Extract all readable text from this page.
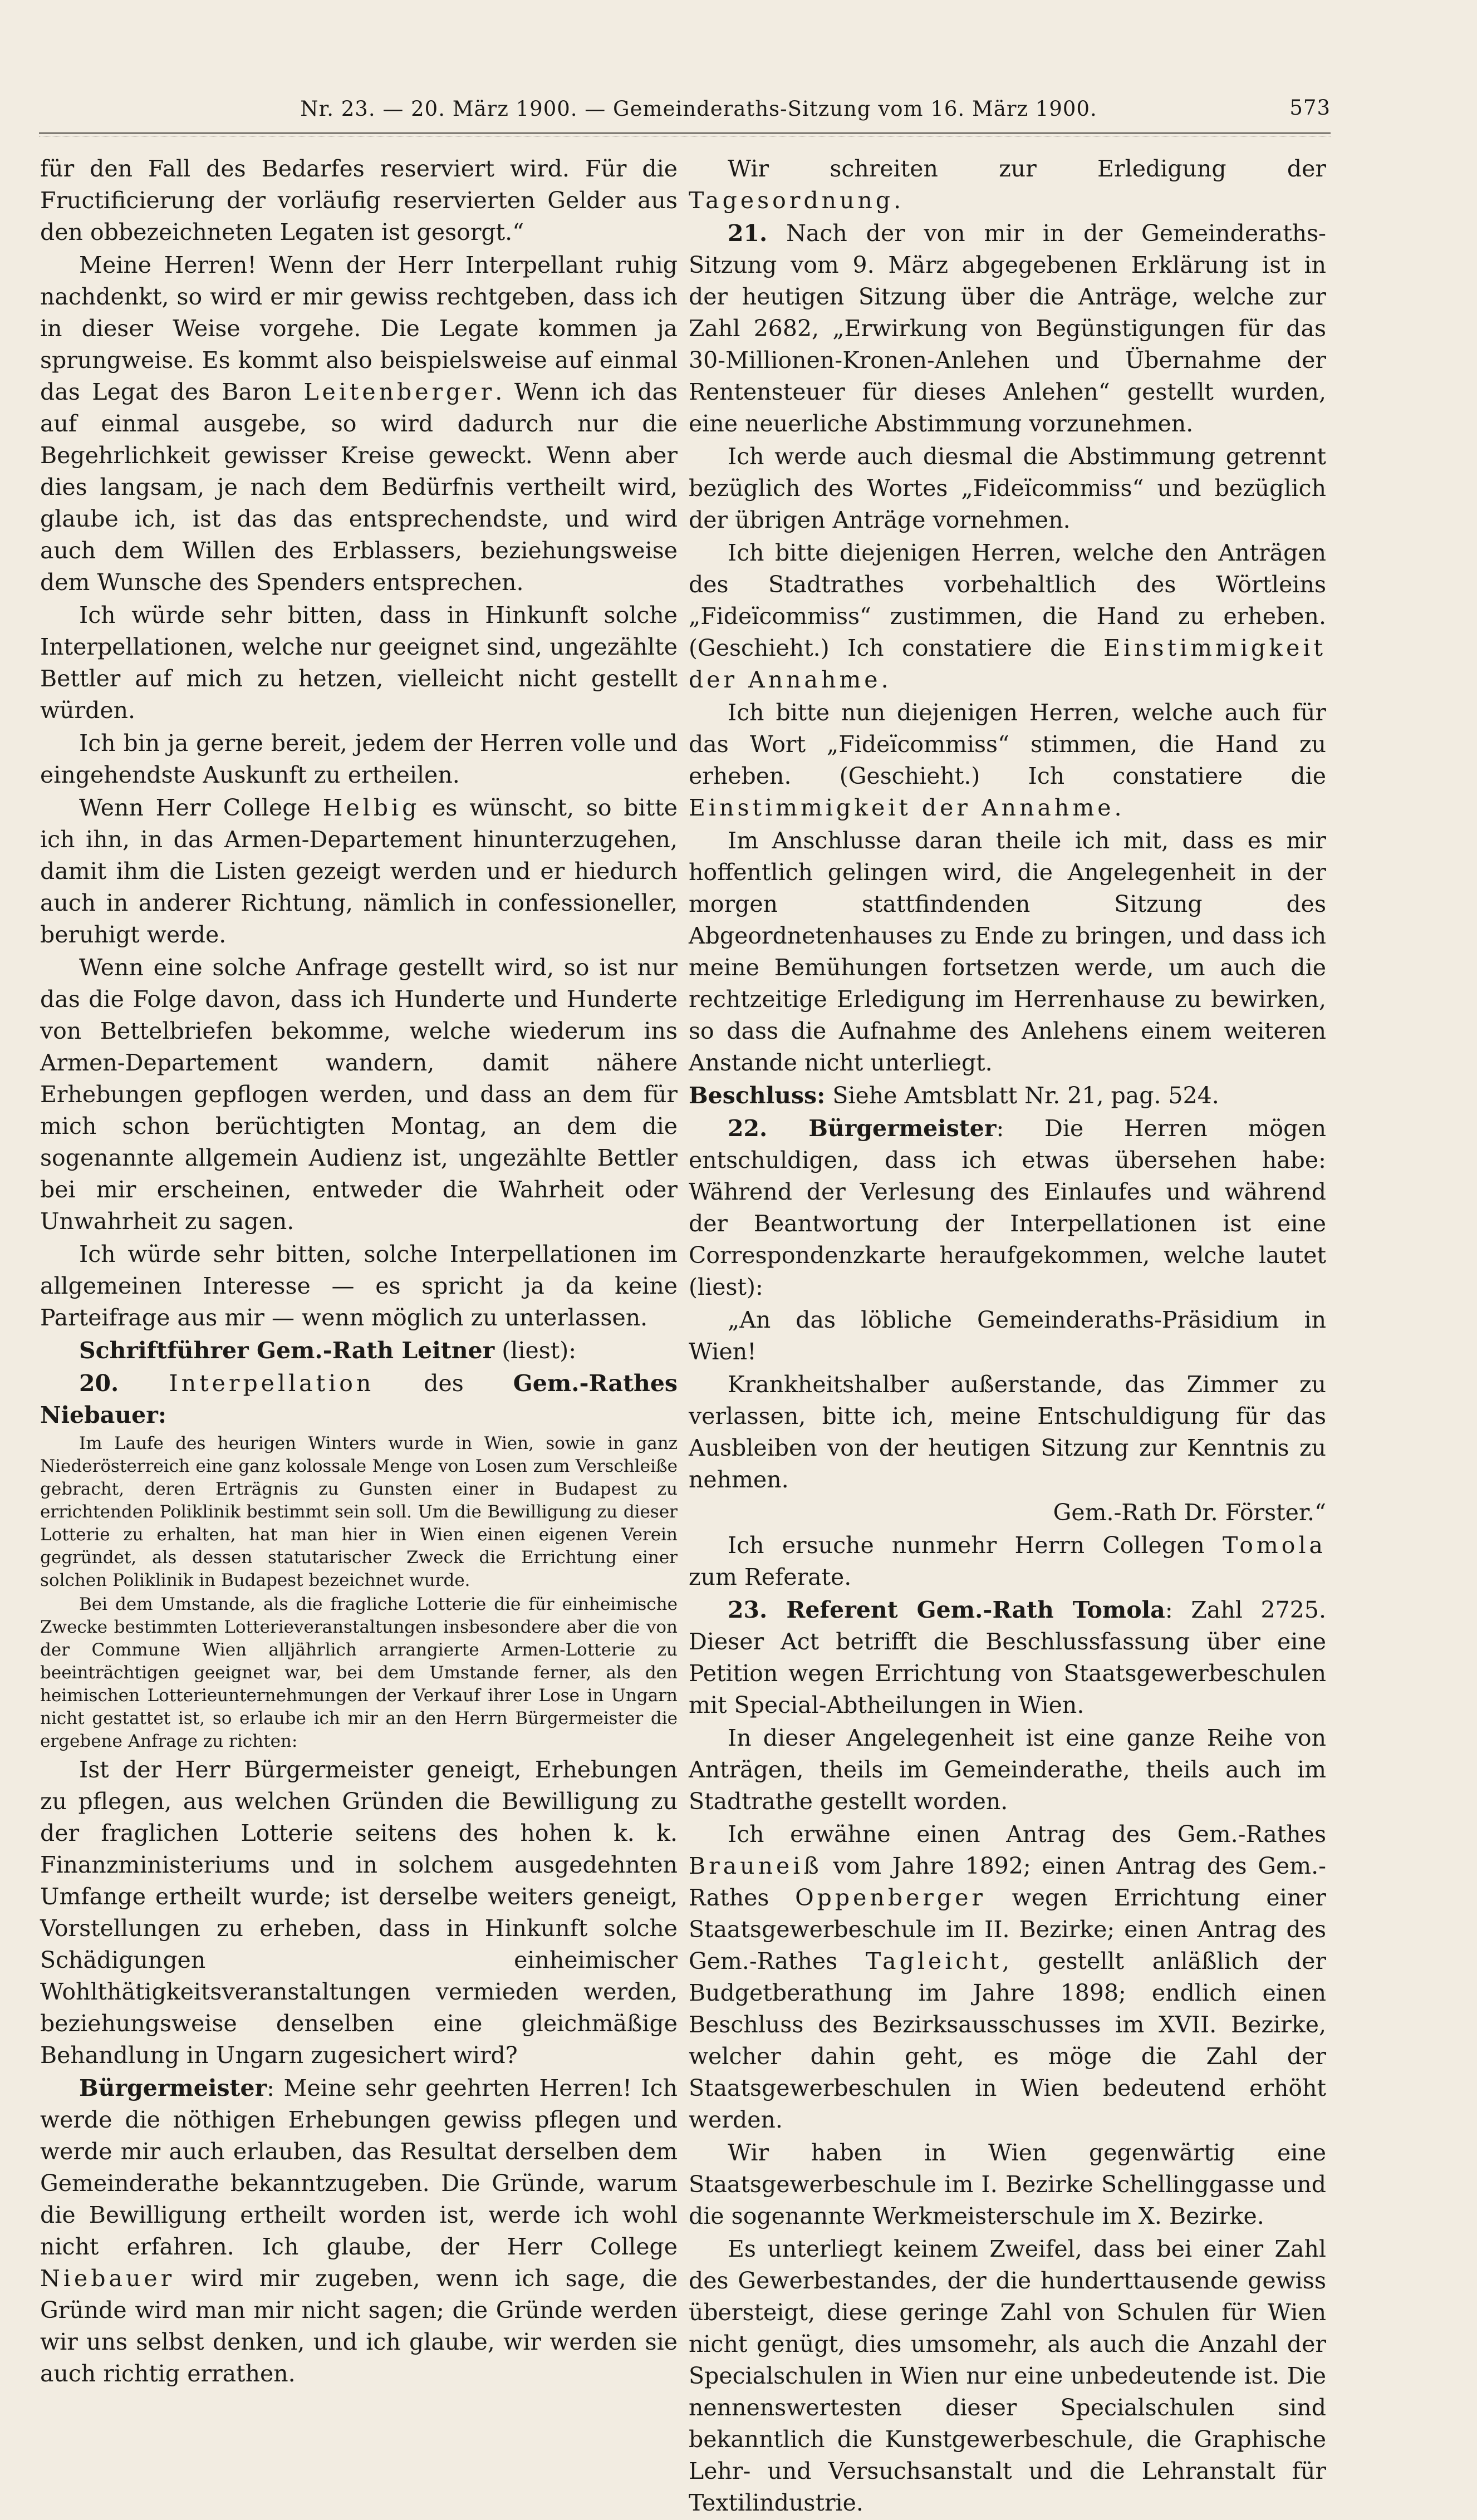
Nr. 23. — 20. März 1900. — Gemeinderaths-Sitzung vom 16. März 1900.	573

für den Fall des Bedarfes reserviert wird. Für die Fructificierung der vorläufig reservierten Gelder aus den obbezeichneten Legaten ist gesorgt.“

Meine Herren! Wenn der Herr Interpellant ruhig nachdenkt, so wird er mir gewiss rechtgeben, dass ich in dieser Weise vorgehe. Die Legate kommen ja sprungweise. Es kommt also beispielsweise auf einmal das Legat des Baron Leitenberger. Wenn ich das auf einmal ausgebe, so wird dadurch nur die Begehrlichkeit gewisser Kreise geweckt. Wenn aber dies langsam, je nach dem Bedürfnis vertheilt wird, glaube ich, ist das das entsprechendste, und wird auch dem Willen des Erblassers, beziehungsweise dem Wunsche des Spenders entsprechen.

Ich würde sehr bitten, dass in Hinkunft solche Interpellationen, welche nur geeignet sind, ungezählte Bettler auf mich zu hetzen, vielleicht nicht gestellt würden.

Ich bin ja gerne bereit, jedem der Herren volle und eingehendste Auskunft zu ertheilen.

Wenn Herr College Helbig es wünscht, so bitte ich ihn, in das Armen-Departement hinunterzugehen, damit ihm die Listen gezeigt werden und er hiedurch auch in anderer Richtung, nämlich in confessioneller, beruhigt werde.

Wenn eine solche Anfrage gestellt wird, so ist nur das die Folge davon, dass ich Hunderte und Hunderte von Bettelbriefen bekomme, welche wiederum ins Armen-Departement wandern, damit nähere Erhebungen gepflogen werden, und dass an dem für mich schon berüchtigten Montag, an dem die sogenannte allgemein Audienz ist, ungezählte Bettler bei mir erscheinen, entweder die Wahrheit oder Unwahrheit zu sagen.

Ich würde sehr bitten, solche Interpellationen im allgemeinen Interesse — es spricht ja da keine Parteifrage aus mir — wenn möglich zu unterlassen.

Schriftführer Gem.-Rath Leitner (liest):

20. Interpellation des Gem.-Rathes Niebauer:

Im Laufe des heurigen Winters wurde in Wien, sowie in ganz Niederösterreich eine ganz kolossale Menge von Losen zum Verschleiße gebracht, deren Erträgnis zu Gunsten einer in Budapest zu errichtenden Poliklinik bestimmt sein soll. Um die Bewilligung zu dieser Lotterie zu erhalten, hat man hier in Wien einen eigenen Verein gegründet, als dessen statutarischer Zweck die Errichtung einer solchen Poliklinik in Budapest bezeichnet wurde.

Bei dem Umstande, als die fragliche Lotterie die für einheimische Zwecke bestimmten Lotterieveranstaltungen insbesondere aber die von der Commune Wien alljährlich arrangierte Armen-Lotterie zu beeinträchtigen geeignet war, bei dem Umstande ferner, als den heimischen Lotterieunternehmungen der Verkauf ihrer Lose in Ungarn nicht gestattet ist, so erlaube ich mir an den Herrn Bürgermeister die ergebene Anfrage zu richten:

Ist der Herr Bürgermeister geneigt, Erhebungen zu pflegen, aus welchen Gründen die Bewilligung zu der fraglichen Lotterie seitens des hohen k. k. Finanzministeriums und in solchem ausgedehnten Umfange ertheilt wurde; ist derselbe weiters geneigt, Vorstellungen zu erheben, dass in Hinkunft solche Schädigungen einheimischer Wohlthätigkeitsveranstaltungen vermieden werden, beziehungsweise denselben eine gleichmäßige Behandlung in Ungarn zugesichert wird?

Bürgermeister: Meine sehr geehrten Herren! Ich werde die nöthigen Erhebungen gewiss pflegen und werde mir auch erlauben, das Resultat derselben dem Gemeinderathe bekanntzugeben. Die Gründe, warum die Bewilligung ertheilt worden ist, werde ich wohl nicht erfahren. Ich glaube, der Herr College Niebauer wird mir zugeben, wenn ich sage, die Gründe wird man mir nicht sagen; die Gründe werden wir uns selbst denken, und ich glaube, wir werden sie auch richtig errathen.

Wir schreiten zur Erledigung der Tagesordnung.

21. Nach der von mir in der Gemeinderaths-Sitzung vom 9. März abgegebenen Erklärung ist in der heutigen Sitzung über die Anträge, welche zur Zahl 2682, „Erwirkung von Begünstigungen für das 30-Millionen-Kronen-Anlehen und Übernahme der Rentensteuer für dieses Anlehen“ gestellt wurden, eine neuerliche Abstimmung vorzunehmen.

Ich werde auch diesmal die Abstimmung getrennt bezüglich des Wortes „Fideïcommiss“ und bezüglich der übrigen Anträge vornehmen.

Ich bitte diejenigen Herren, welche den Anträgen des Stadtrathes vorbehaltlich des Wörtleins „Fideïcommiss“ zustimmen, die Hand zu erheben. (Geschieht.) Ich constatiere die Einstimmigkeit der Annahme.

Ich bitte nun diejenigen Herren, welche auch für das Wort „Fideïcommiss“ stimmen, die Hand zu erheben. (Geschieht.) Ich constatiere die Einstimmigkeit der Annahme.

Im Anschlusse daran theile ich mit, dass es mir hoffentlich gelingen wird, die Angelegenheit in der morgen stattfindenden Sitzung des Abgeordnetenhauses zu Ende zu bringen, und dass ich meine Bemühungen fortsetzen werde, um auch die rechtzeitige Erledigung im Herrenhause zu bewirken, so dass die Aufnahme des Anlehens einem weiteren Anstande nicht unterliegt.

Beschluss: Siehe Amtsblatt Nr. 21, pag. 524.

22. Bürgermeister: Die Herren mögen entschuldigen, dass ich etwas übersehen habe: Während der Verlesung des Einlaufes und während der Beantwortung der Interpellationen ist eine Correspondenzkarte heraufgekommen, welche lautet (liest):

„An das löbliche Gemeinderaths-Präsidium in Wien!

Krankheitshalber außerstande, das Zimmer zu verlassen, bitte ich, meine Entschuldigung für das Ausbleiben von der heutigen Sitzung zur Kenntnis zu nehmen.

Gem.-Rath Dr. Förster.“

Ich ersuche nunmehr Herrn Collegen Tomola zum Referate.

23. Referent Gem.-Rath Tomola: Zahl 2725. Dieser Act betrifft die Beschlussfassung über eine Petition wegen Errichtung von Staatsgewerbeschulen mit Special-Abtheilungen in Wien.

In dieser Angelegenheit ist eine ganze Reihe von Anträgen, theils im Gemeinderathe, theils auch im Stadtrathe gestellt worden.

Ich erwähne einen Antrag des Gem.-Rathes Brauneiß vom Jahre 1892; einen Antrag des Gem.-Rathes Oppenberger wegen Errichtung einer Staatsgewerbeschule im II. Bezirke; einen Antrag des Gem.-Rathes Tagleicht, gestellt anläßlich der Budgetberathung im Jahre 1898; endlich einen Beschluss des Bezirksausschusses im XVII. Bezirke, welcher dahin geht, es möge die Zahl der Staatsgewerbeschulen in Wien bedeutend erhöht werden.

Wir haben in Wien gegenwärtig eine Staatsgewerbeschule im I. Bezirke Schellinggasse und die sogenannte Werkmeisterschule im X. Bezirke.

Es unterliegt keinem Zweifel, dass bei einer Zahl des Gewerbestandes, der die hunderttausende gewiss übersteigt, diese geringe Zahl von Schulen für Wien nicht genügt, dies umsomehr, als auch die Anzahl der Specialschulen in Wien nur eine unbedeutende ist. Die nennenswertesten dieser Specialschulen sind bekanntlich die Kunstgewerbeschule, die Graphische Lehr- und Versuchsanstalt und die Lehranstalt für Textilindustrie.
